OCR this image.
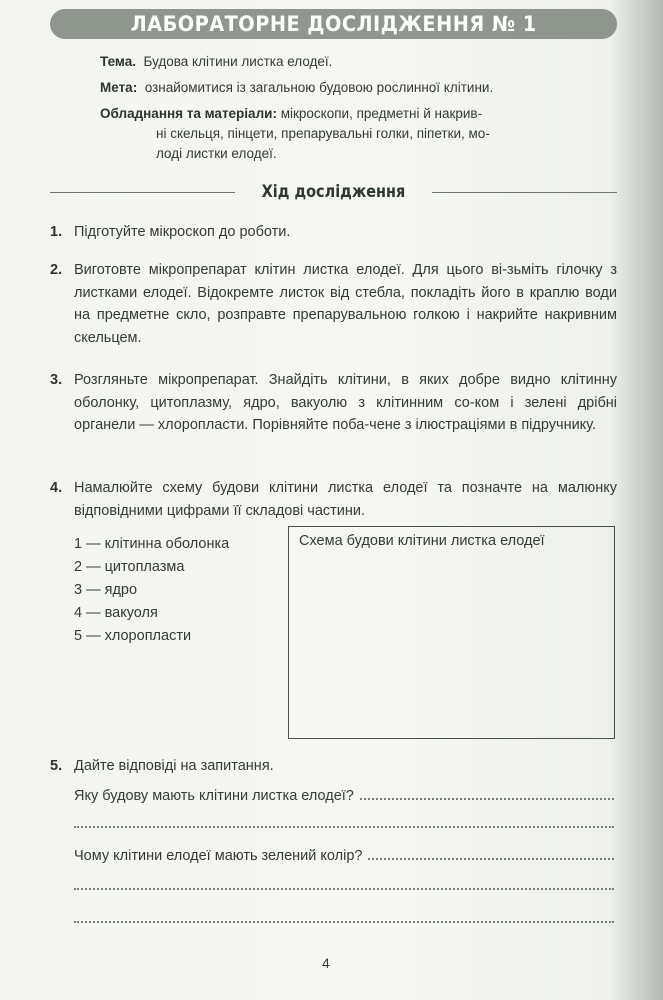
ЛАБОРАТОРНЕ ДОСЛІДЖЕННЯ № 1
Тема. Будова клітини листка елодеї.
Мета: ознайомитися із загальною будовою рослинної клітини.
Обладнання та матеріали: мікроскопи, предметні й накрив-
ні скельця, пінцети, препарувальні голки, піпетки, мо-
лоді листки елодеї.
Хід дослідження
1. Підготуйте мікроскоп до роботи.
2. Виготовте мікропрепарат клітин листка елодеї. Для цього ві-зьміть гілочку з листками елодеї. Відокремте листок від стебла, покладіть його в краплю води на предметне скло, розправте препарувальною голкою і накрийте накривним скельцем.
3. Розгляньте мікропрепарат. Знайдіть клітини, в яких добре видно клітинну оболонку, цитоплазму, ядро, вакуолю з клітинним со-ком і зелені дрібні органели — хлоропласти. Порівняйте поба-чене з ілюстраціями в підручнику.
4. Намалюйте схему будови клітини листка елодеї та позначте на малюнку відповідними цифрами її складові частини.
1 — клітинна оболонка
2 — цитоплазма
3 — ядро
4 — вакуоля
5 — хлоропласти
Схема будови клітини листка елодеї
5. Дайте відповіді на запитання.
Яку будову мають клітини листка елодеї?
Чому клітини елодеї мають зелений колір?
4
